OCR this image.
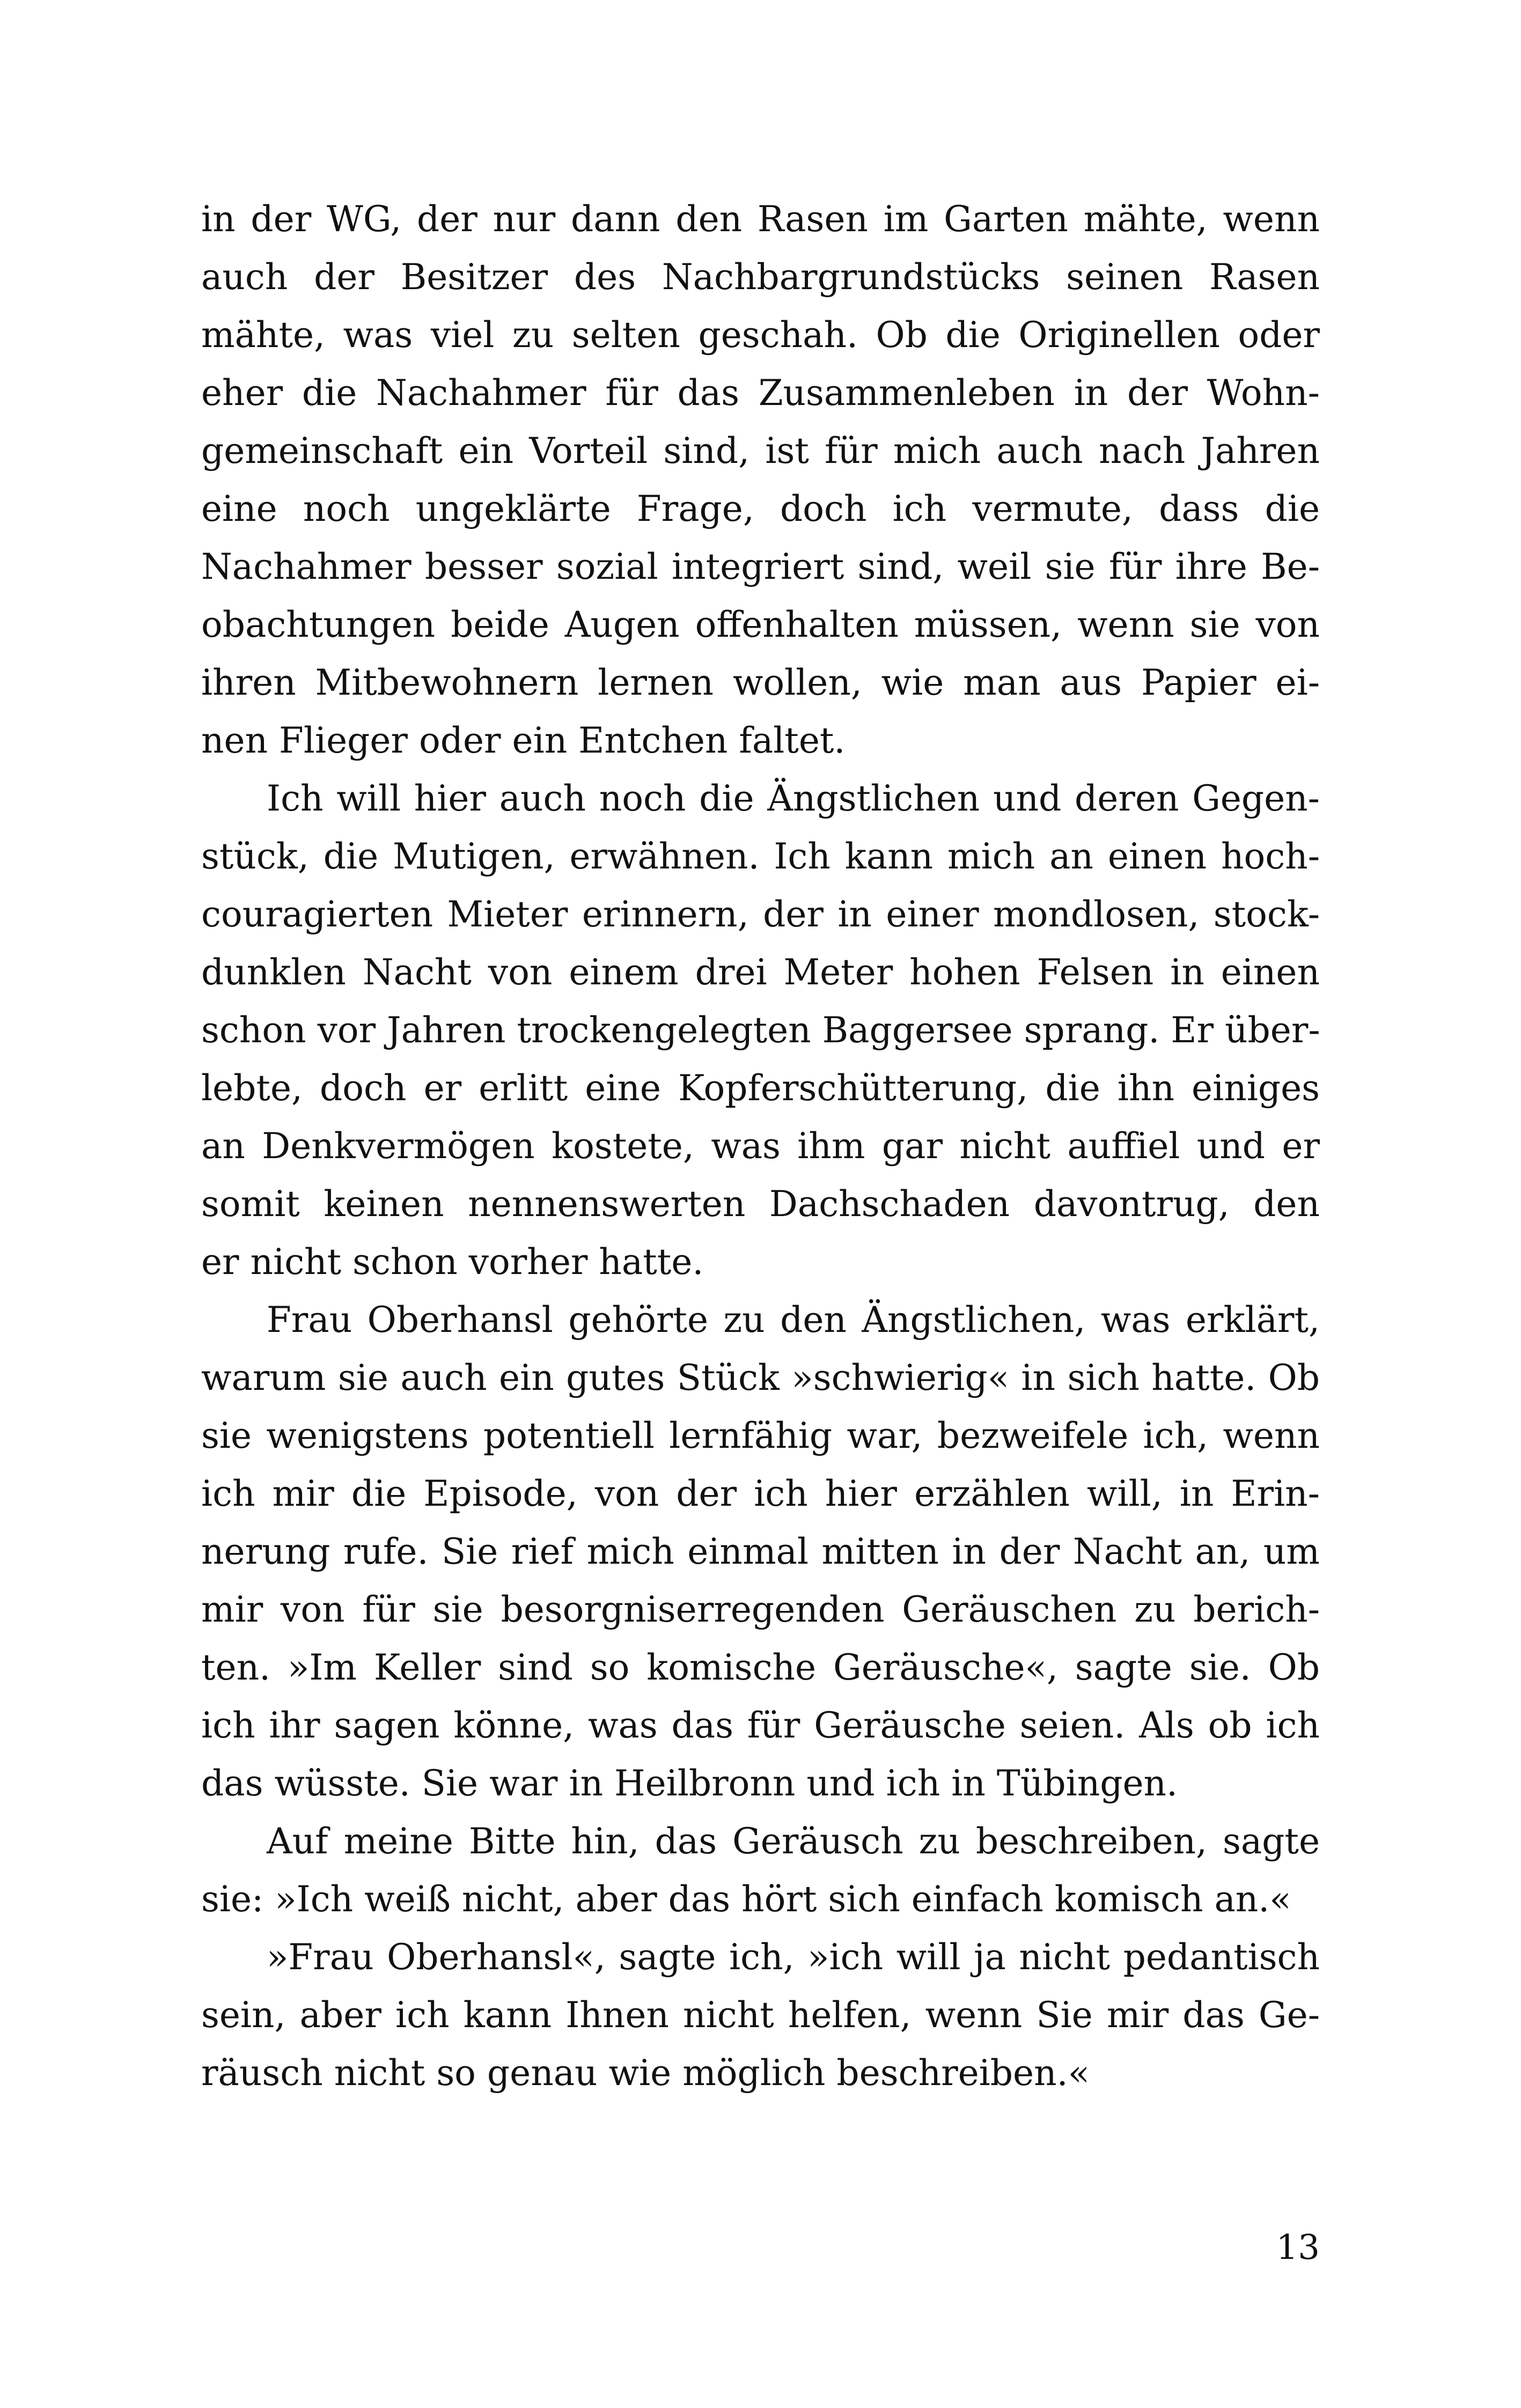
in der WG, der nur dann den Rasen im Garten mähte, wenn
auch der Besitzer des Nachbargrundstücks seinen Rasen
mähte, was viel zu selten geschah. Ob die Originellen oder
eher die Nachahmer für das Zusammenleben in der Wohn-
gemeinschaft ein Vorteil sind, ist für mich auch nach Jahren
eine noch ungeklärte Frage, doch ich vermute, dass die
Nachahmer besser sozial integriert sind, weil sie für ihre Be-
obachtungen beide Augen offenhalten müssen, wenn sie von
ihren Mitbewohnern lernen wollen, wie man aus Papier ei-
nen Flieger oder ein Entchen faltet.
Ich will hier auch noch die Ängstlichen und deren Gegen-
stück, die Mutigen, erwähnen. Ich kann mich an einen hoch-
couragierten Mieter erinnern, der in einer mondlosen, stock-
dunklen Nacht von einem drei Meter hohen Felsen in einen
schon vor Jahren trockengelegten Baggersee sprang. Er über-
lebte, doch er erlitt eine Kopferschütterung, die ihn einiges
an Denkvermögen kostete, was ihm gar nicht auffiel und er
somit keinen nennenswerten Dachschaden davontrug, den
er nicht schon vorher hatte.
Frau Oberhansl gehörte zu den Ängstlichen, was erklärt,
warum sie auch ein gutes Stück »schwierig« in sich hatte. Ob
sie wenigstens potentiell lernfähig war, bezweifele ich, wenn
ich mir die Episode, von der ich hier erzählen will, in Erin-
nerung rufe. Sie rief mich einmal mitten in der Nacht an, um
mir von für sie besorgniserregenden Geräuschen zu berich-
ten. »Im Keller sind so komische Geräusche«, sagte sie. Ob
ich ihr sagen könne, was das für Geräusche seien. Als ob ich
das wüsste. Sie war in Heilbronn und ich in Tübingen.
Auf meine Bitte hin, das Geräusch zu beschreiben, sagte
sie: »Ich weiß nicht, aber das hört sich einfach komisch an.«
»Frau Oberhansl«, sagte ich, »ich will ja nicht pedantisch
sein, aber ich kann Ihnen nicht helfen, wenn Sie mir das Ge-
räusch nicht so genau wie möglich beschreiben.«
13
